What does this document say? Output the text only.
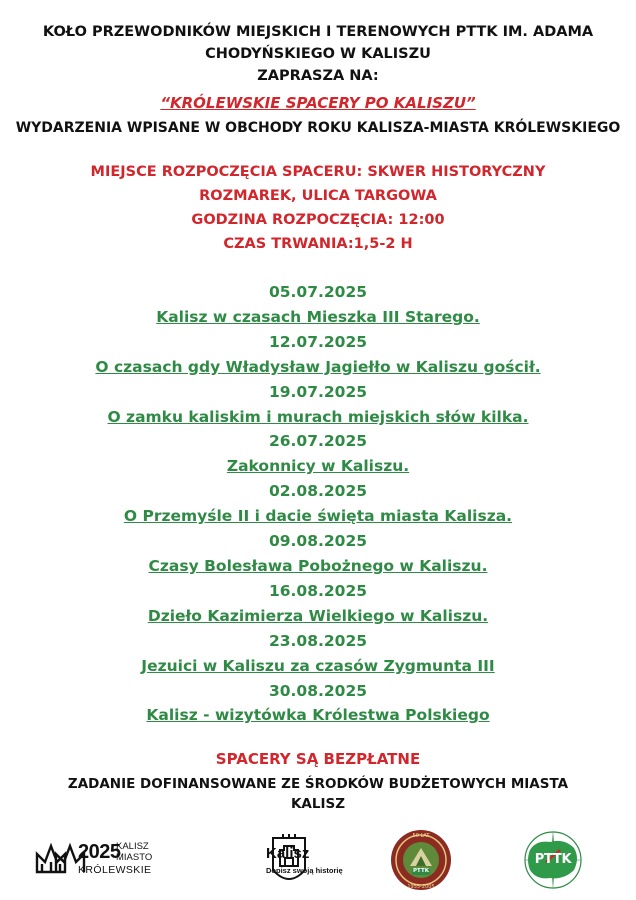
KOŁO PRZEWODNIKÓW MIEJSKICH I TERENOWYCH PTTK IM. ADAMA

CHODYŃSKIEGO W KALISZU

ZAPRASZA NA:

“KRÓLEWSKIE SPACERY PO KALISZU”
WYDARZENIA WPISANE W OBCHODY ROKU KALISZA-MIASTA KRÓLEWSKIEGO
MIEJSCE ROZPOCZĘCIA SPACERU: SKWER HISTORYCZNY
ROZMAREK, ULICA TARGOWA
GODZINA ROZPOCZĘCIA: 12:00
CZAS TRWANIA:1,5-2 H
05.07.2025
Kalisz w czasach Mieszka III Starego.
12.07.2025
O czasach gdy Władysław Jagiełło w Kaliszu gościł.
19.07.2025
O zamku kaliskim i murach miejskich słów kilka.
26.07.2025
Zakonnicy w Kaliszu.
02.08.2025
O Przemyśle II i dacie święta miasta Kalisza.
09.08.2025
Czasy Bolesława Pobożnego w Kaliszu.
16.08.2025
Dzieło Kazimierza Wielkiego w Kaliszu.
23.08.2025
Jezuici w Kaliszu za czasów Zygmunta III
30.08.2025
Kalisz - wizytówka Królestwa Polskiego
SPACERY SĄ BEZPŁATNE
ZADANIE DOFINANSOWANE ZE ŚRODKÓW BUDŻETOWYCH MIASTA
KALISZ
2025
KALISZ
MIASTO
KRÓLEWSKIE
Kalisz
Dopisz swoją historię
50 LAT
1955-2005
PTTK
PTTK
